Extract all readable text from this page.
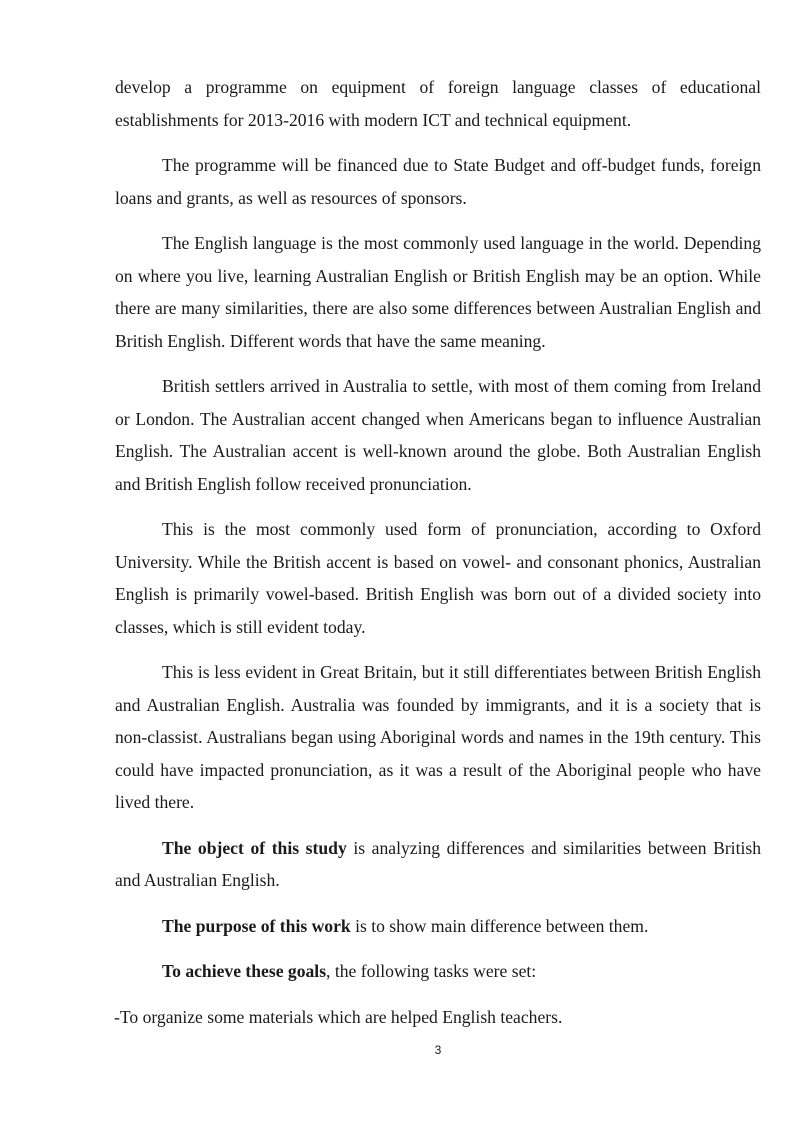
develop a programme on equipment of foreign language classes of educational establishments for 2013-2016 with modern ICT and technical equipment.

The programme will be financed due to State Budget and off-budget funds, foreign loans and grants, as well as resources of sponsors.

The English language is the most commonly used language in the world. Depending on where you live, learning Australian English or British English may be an option. While there are many similarities, there are also some differences between Australian English and British English. Different words that have the same meaning.

British settlers arrived in Australia to settle, with most of them coming from Ireland or London. The Australian accent changed when Americans began to influence Australian English. The Australian accent is well-known around the globe. Both Australian English and British English follow received pronunciation.

This is the most commonly used form of pronunciation, according to Oxford University. While the British accent is based on vowel- and consonant phonics, Australian English is primarily vowel-based. British English was born out of a divided society into classes, which is still evident today.

This is less evident in Great Britain, but it still differentiates between British English and Australian English. Australia was founded by immigrants, and it is a society that is non-classist. Australians began using Aboriginal words and names in the 19th century. This could have impacted pronunciation, as it was a result of the Aboriginal people who have lived there.

The object of this study is analyzing differences and similarities between British and Australian English.

The purpose of this work is to show main difference between them.

To achieve these goals, the following tasks were set:

-To organize some materials which are helped English teachers.

3
